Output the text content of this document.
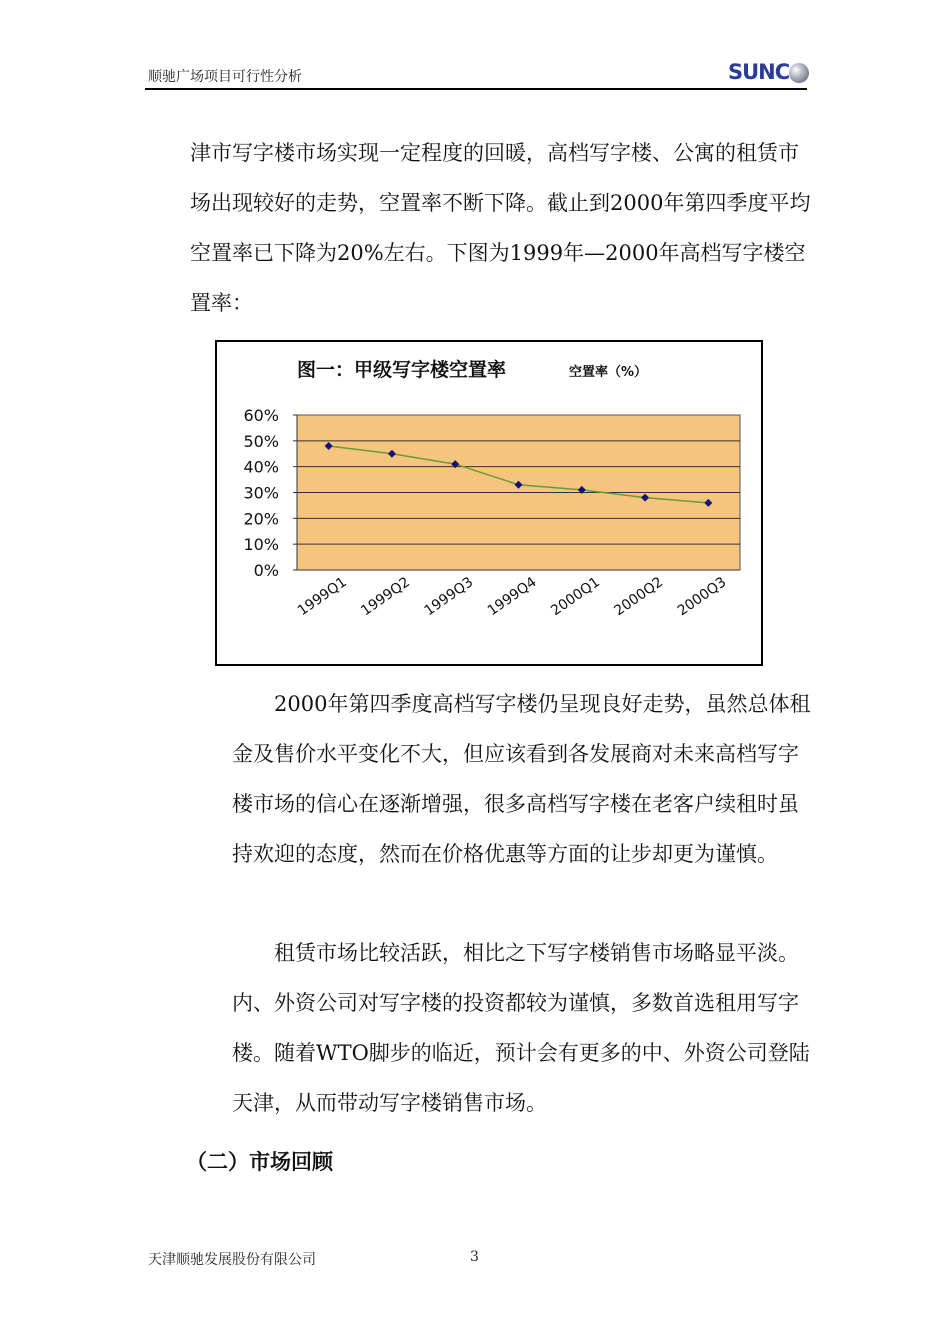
顺驰广场项目可行性分析	SUNC

津市写字楼市场实现一定程度的回暖，高档写字楼、公寓的租赁市场出现较好的走势，空置率不断下降。截止到2000年第四季度平均空置率已下降为20%左右。下图为1999年—2000年高档写字楼空置率：

图一：甲级写字楼空置率	空置率（%）
0%
10%
20%
30%
40%
50%
60%
1999Q1 1999Q2 1999Q3 1999Q4 2000Q1 2000Q2 2000Q3

2000年第四季度高档写字楼仍呈现良好走势，虽然总体租金及售价水平变化不大，但应该看到各发展商对未来高档写字楼市场的信心在逐渐增强，很多高档写字楼在老客户续租时虽持欢迎的态度，然而在价格优惠等方面的让步却更为谨慎。

租赁市场比较活跃，相比之下写字楼销售市场略显平淡。内、外资公司对写字楼的投资都较为谨慎，多数首选租用写字楼。随着WTO脚步的临近，预计会有更多的中、外资公司登陆天津，从而带动写字楼销售市场。

（二）市场回顾
天津顺驰发展股份有限公司	3
